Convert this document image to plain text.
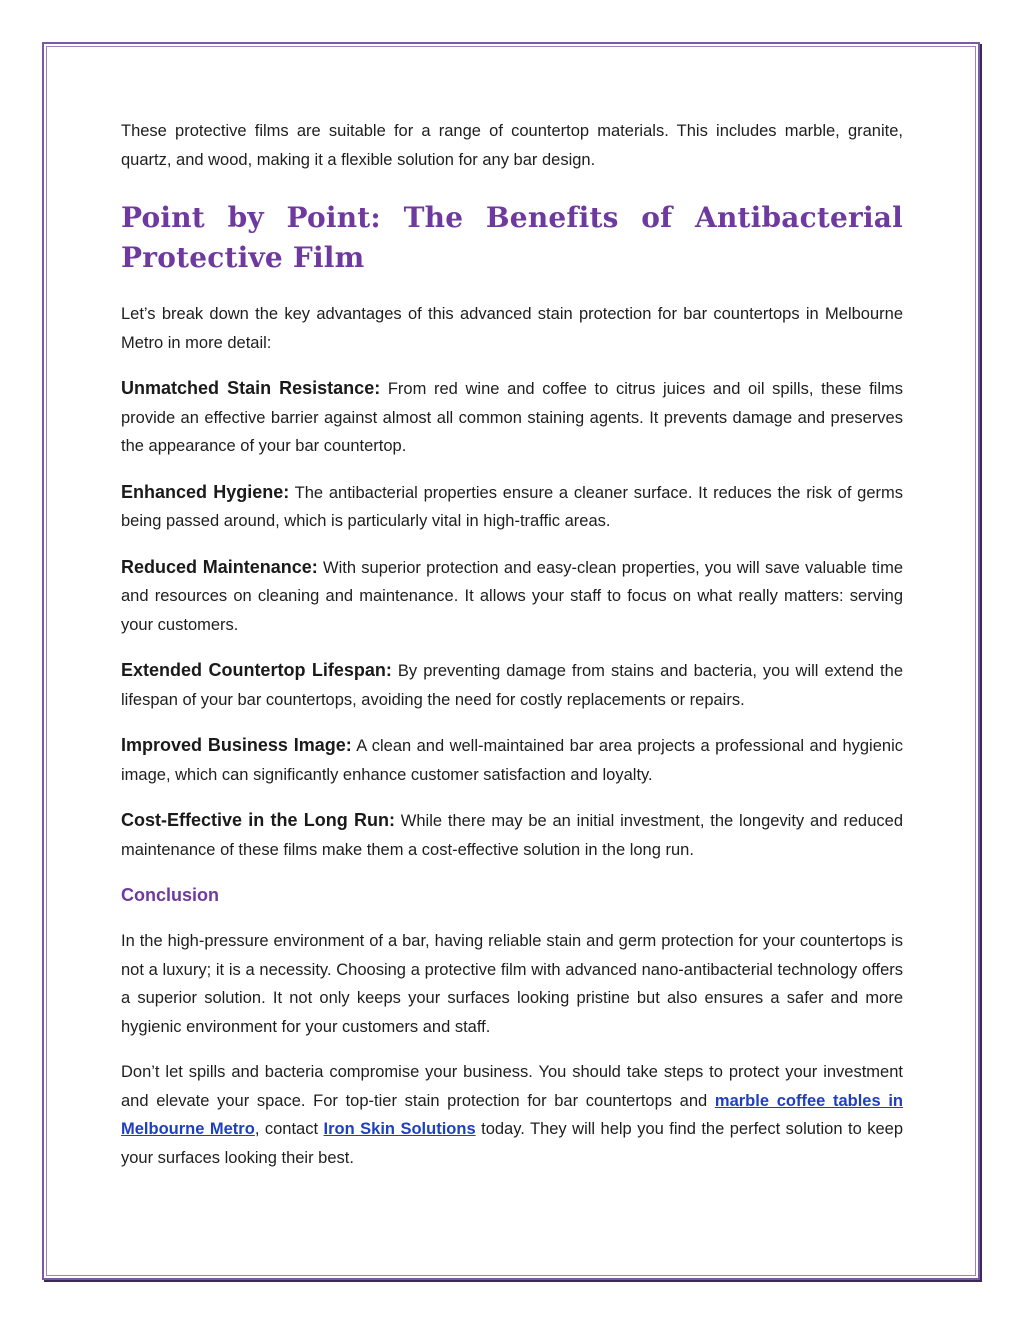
These protective films are suitable for a range of countertop materials. This includes marble, granite, quartz, and wood, making it a flexible solution for any bar design.

Point by Point: The Benefits of Antibacterial Protective Film

Let’s break down the key advantages of this advanced stain protection for bar countertops in Melbourne Metro in more detail:

Unmatched Stain Resistance: From red wine and coffee to citrus juices and oil spills, these films provide an effective barrier against almost all common staining agents. It prevents damage and preserves the appearance of your bar countertop.

Enhanced Hygiene: The antibacterial properties ensure a cleaner surface. It reduces the risk of germs being passed around, which is particularly vital in high-traffic areas.

Reduced Maintenance: With superior protection and easy-clean properties, you will save valuable time and resources on cleaning and maintenance. It allows your staff to focus on what really matters: serving your customers.

Extended Countertop Lifespan: By preventing damage from stains and bacteria, you will extend the lifespan of your bar countertops, avoiding the need for costly replacements or repairs.

Improved Business Image: A clean and well-maintained bar area projects a professional and hygienic image, which can significantly enhance customer satisfaction and loyalty.

Cost-Effective in the Long Run: While there may be an initial investment, the longevity and reduced maintenance of these films make them a cost-effective solution in the long run.

Conclusion

In the high-pressure environment of a bar, having reliable stain and germ protection for your countertops is not a luxury; it is a necessity. Choosing a protective film with advanced nano-antibacterial technology offers a superior solution. It not only keeps your surfaces looking pristine but also ensures a safer and more hygienic environment for your customers and staff.

Don’t let spills and bacteria compromise your business. You should take steps to protect your investment and elevate your space. For top-tier stain protection for bar countertops and marble coffee tables in Melbourne Metro, contact Iron Skin Solutions today. They will help you find the perfect solution to keep your surfaces looking their best.
